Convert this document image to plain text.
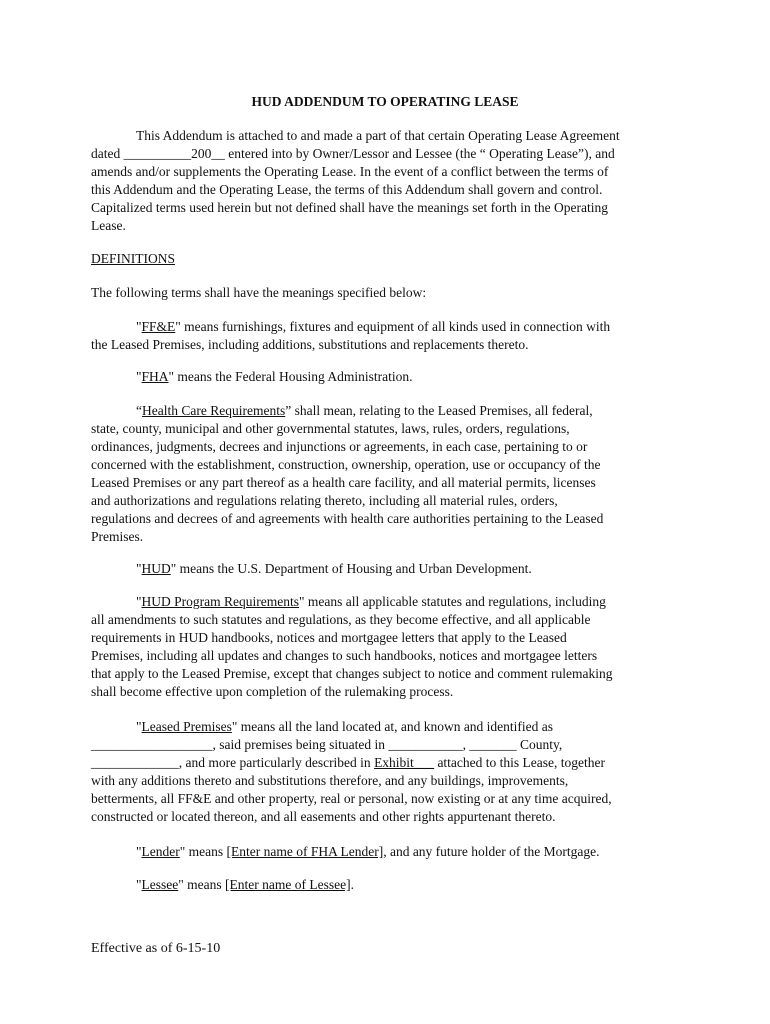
HUD ADDENDUM TO OPERATING LEASE

This Addendum is attached to and made a part of that certain Operating Lease Agreement
dated __________200__ entered into by Owner/Lessor and Lessee (the “ Operating Lease”), and
amends and/or supplements the Operating Lease. In the event of a conflict between the terms of
this Addendum and the Operating Lease, the terms of this Addendum shall govern and control.
Capitalized terms used herein but not defined shall have the meanings set forth in the Operating
Lease.

DEFINITIONS

The following terms shall have the meanings specified below:

"FF&E" means furnishings, fixtures and equipment of all kinds used in connection with
the Leased Premises, including additions, substitutions and replacements thereto.

"FHA" means the Federal Housing Administration.

“Health Care Requirements” shall mean, relating to the Leased Premises, all federal,
state, county, municipal and other governmental statutes, laws, rules, orders, regulations,
ordinances, judgments, decrees and injunctions or agreements, in each case, pertaining to or
concerned with the establishment, construction, ownership, operation, use or occupancy of the
Leased Premises or any part thereof as a health care facility, and all material permits, licenses
and authorizations and regulations relating thereto, including all material rules, orders,
regulations and decrees of and agreements with health care authorities pertaining to the Leased
Premises.

"HUD" means the U.S. Department of Housing and Urban Development.

"HUD Program Requirements" means all applicable statutes and regulations, including
all amendments to such statutes and regulations, as they become effective, and all applicable
requirements in HUD handbooks, notices and mortgagee letters that apply to the Leased
Premises, including all updates and changes to such handbooks, notices and mortgagee letters
that apply to the Leased Premise, except that changes subject to notice and comment rulemaking
shall become effective upon completion of the rulemaking process.

"Leased Premises" means all the land located at, and known and identified as
__________________, said premises being situated in ___________, _______ County,
_____________, and more particularly described in Exhibit___ attached to this Lease, together
with any additions thereto and substitutions therefore, and any buildings, improvements,
betterments, all FF&E and other property, real or personal, now existing or at any time acquired,
constructed or located thereon, and all easements and other rights appurtenant thereto.

"Lender" means [Enter name of FHA Lender], and any future holder of the Mortgage.

"Lessee" means [Enter name of Lessee].

Effective as of 6-15-10
